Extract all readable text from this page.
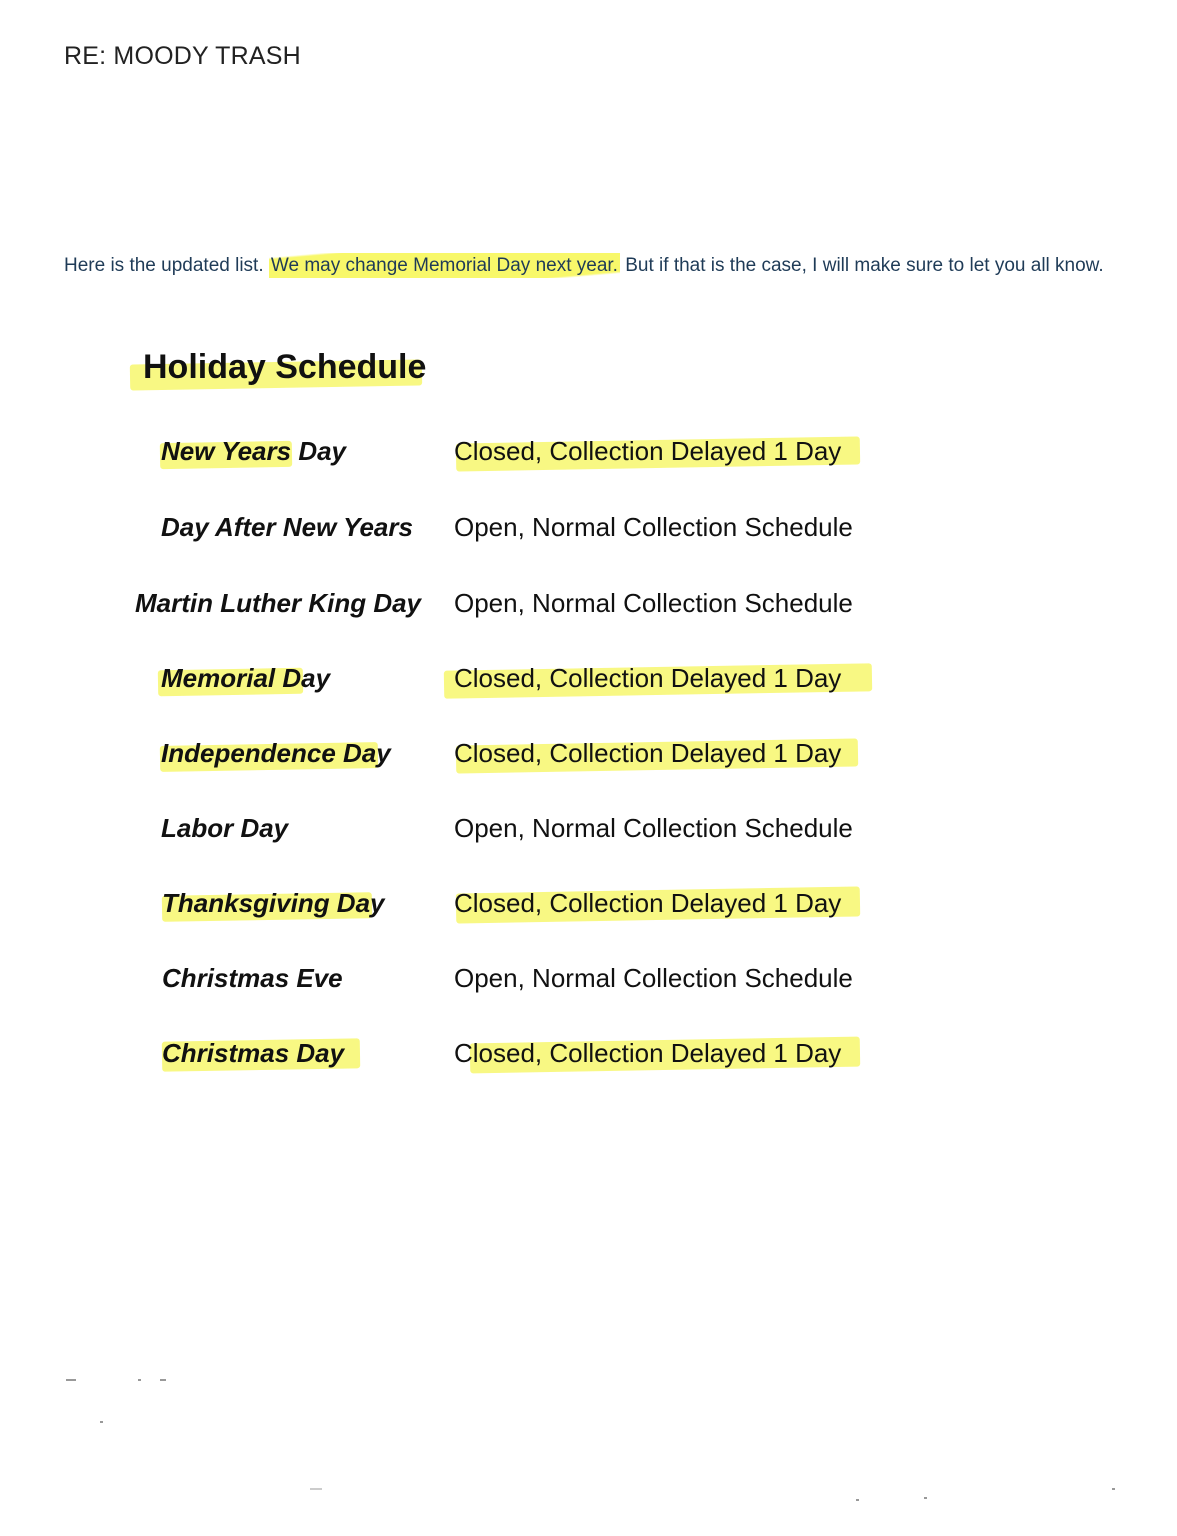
RE: MOODY TRASH
Here is the updated list. We may change Memorial Day next year. But if that is the case, I will make sure to let you all know.
Holiday Schedule
New Years Day	Closed, Collection Delayed 1 Day
Day After New Years Open, Normal Collection Schedule
Martin Luther King Day Open, Normal Collection Schedule
Memorial Day	Closed, Collection Delayed 1 Day
Independence Day Closed, Collection Delayed 1 Day
Labor Day	Open, Normal Collection Schedule
Thanksgiving Day	Closed, Collection Delayed 1 Day
Christmas Eve	Open, Normal Collection Schedule
Christmas Day	Closed, Collection Delayed 1 Day
